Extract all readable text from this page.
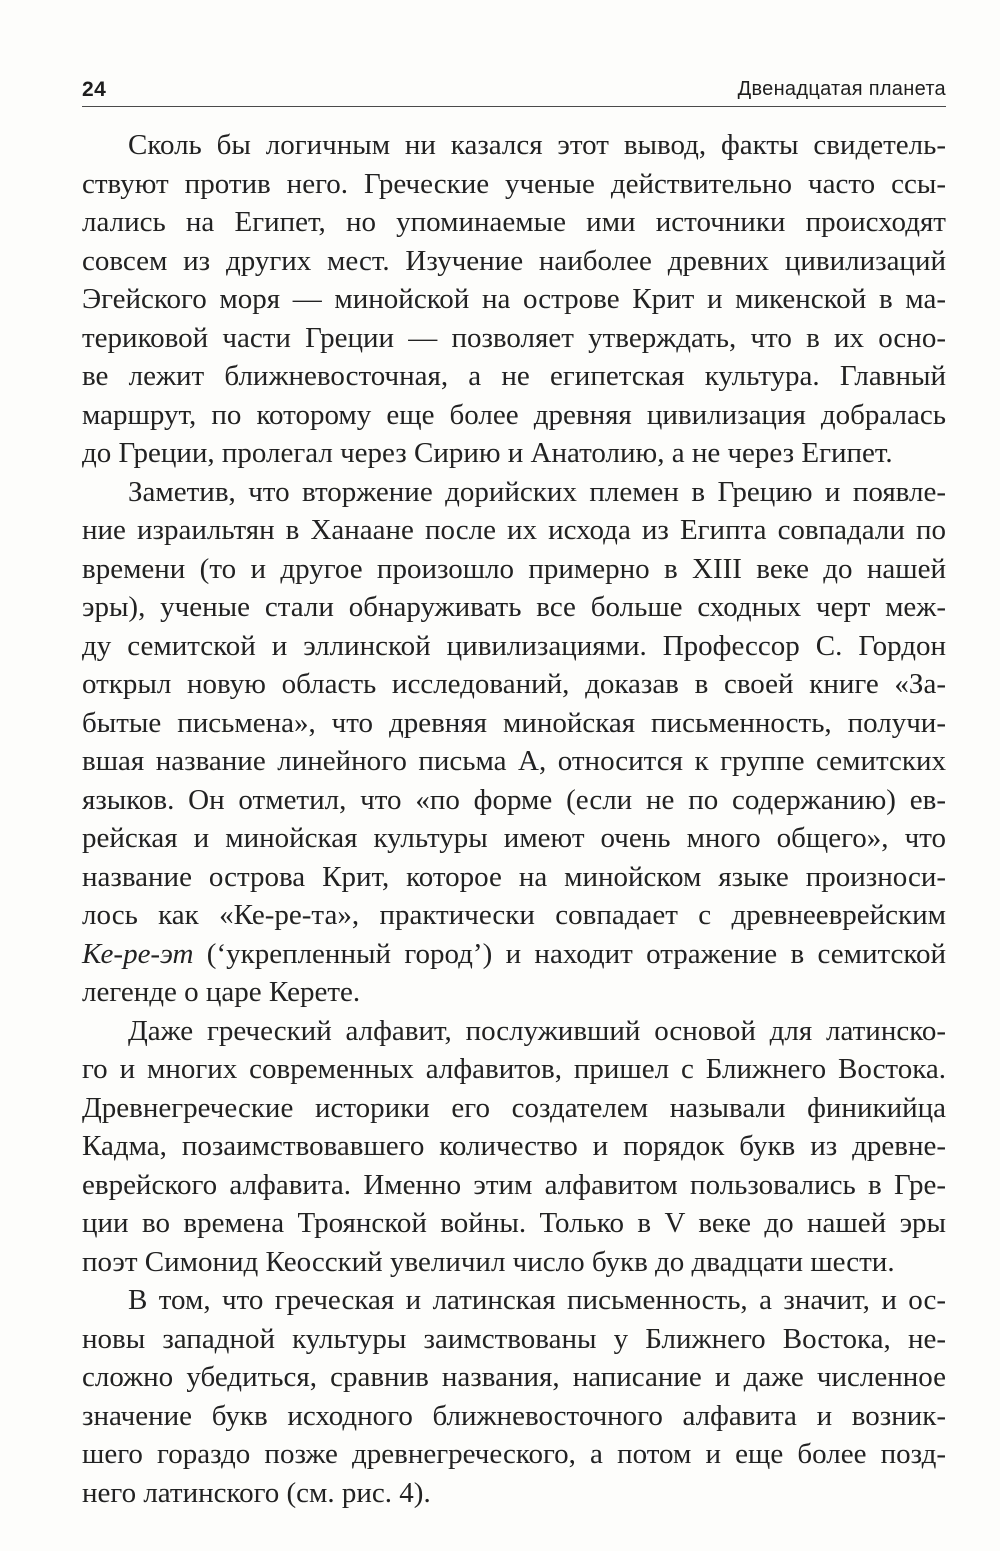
24	Двенадцатая планета
Сколь бы логичным ни казался этот вывод, факты свидетель-
ствуют против него. Греческие ученые действительно часто ссы-
лались на Египет, но упоминаемые ими источники происходят
совсем из других мест. Изучение наиболее древних цивилизаций
Эгейского моря — минойской на острове Крит и микенской в ма-
териковой части Греции — позволяет утверждать, что в их осно-
ве лежит ближневосточная, а не египетская культура. Главный
маршрут, по которому еще более древняя цивилизация добралась
до Греции, пролегал через Сирию и Анатолию, а не через Египет.
Заметив, что вторжение дорийских племен в Грецию и появле-
ние израильтян в Ханаане после их исхода из Египта совпадали по
времени (то и другое произошло примерно в XIII веке до нашей
эры), ученые стали обнаруживать все больше сходных черт меж-
ду семитской и эллинской цивилизациями. Профессор С. Гордон
открыл новую область исследований, доказав в своей книге «За-
бытые письмена», что древняя минойская письменность, получи-
вшая название линейного письма А, относится к группе семитских
языков. Он отметил, что «по форме (если не по содержанию) ев-
рейская и минойская культуры имеют очень много общего», что
название острова Крит, которое на минойском языке произноси-
лось как «Ке-ре-та», практически совпадает с древнееврейским
Ке-ре-эт (‘укрепленный город’) и находит отражение в семитской
легенде о царе Керете.
Даже греческий алфавит, послуживший основой для латинско-
го и многих современных алфавитов, пришел с Ближнего Востока.
Древнегреческие историки его создателем называли финикийца
Кадма, позаимствовавшего количество и порядок букв из древне-
еврейского алфавита. Именно этим алфавитом пользовались в Гре-
ции во времена Троянской войны. Только в V веке до нашей эры
поэт Симонид Кеосский увеличил число букв до двадцати шести.
В том, что греческая и латинская письменность, а значит, и ос-
новы западной культуры заимствованы у Ближнего Востока, не-
сложно убедиться, сравнив названия, написание и даже численное
значение букв исходного ближневосточного алфавита и возник-
шего гораздо позже древнегреческого, а потом и еще более позд-
него латинского (см. рис. 4).
